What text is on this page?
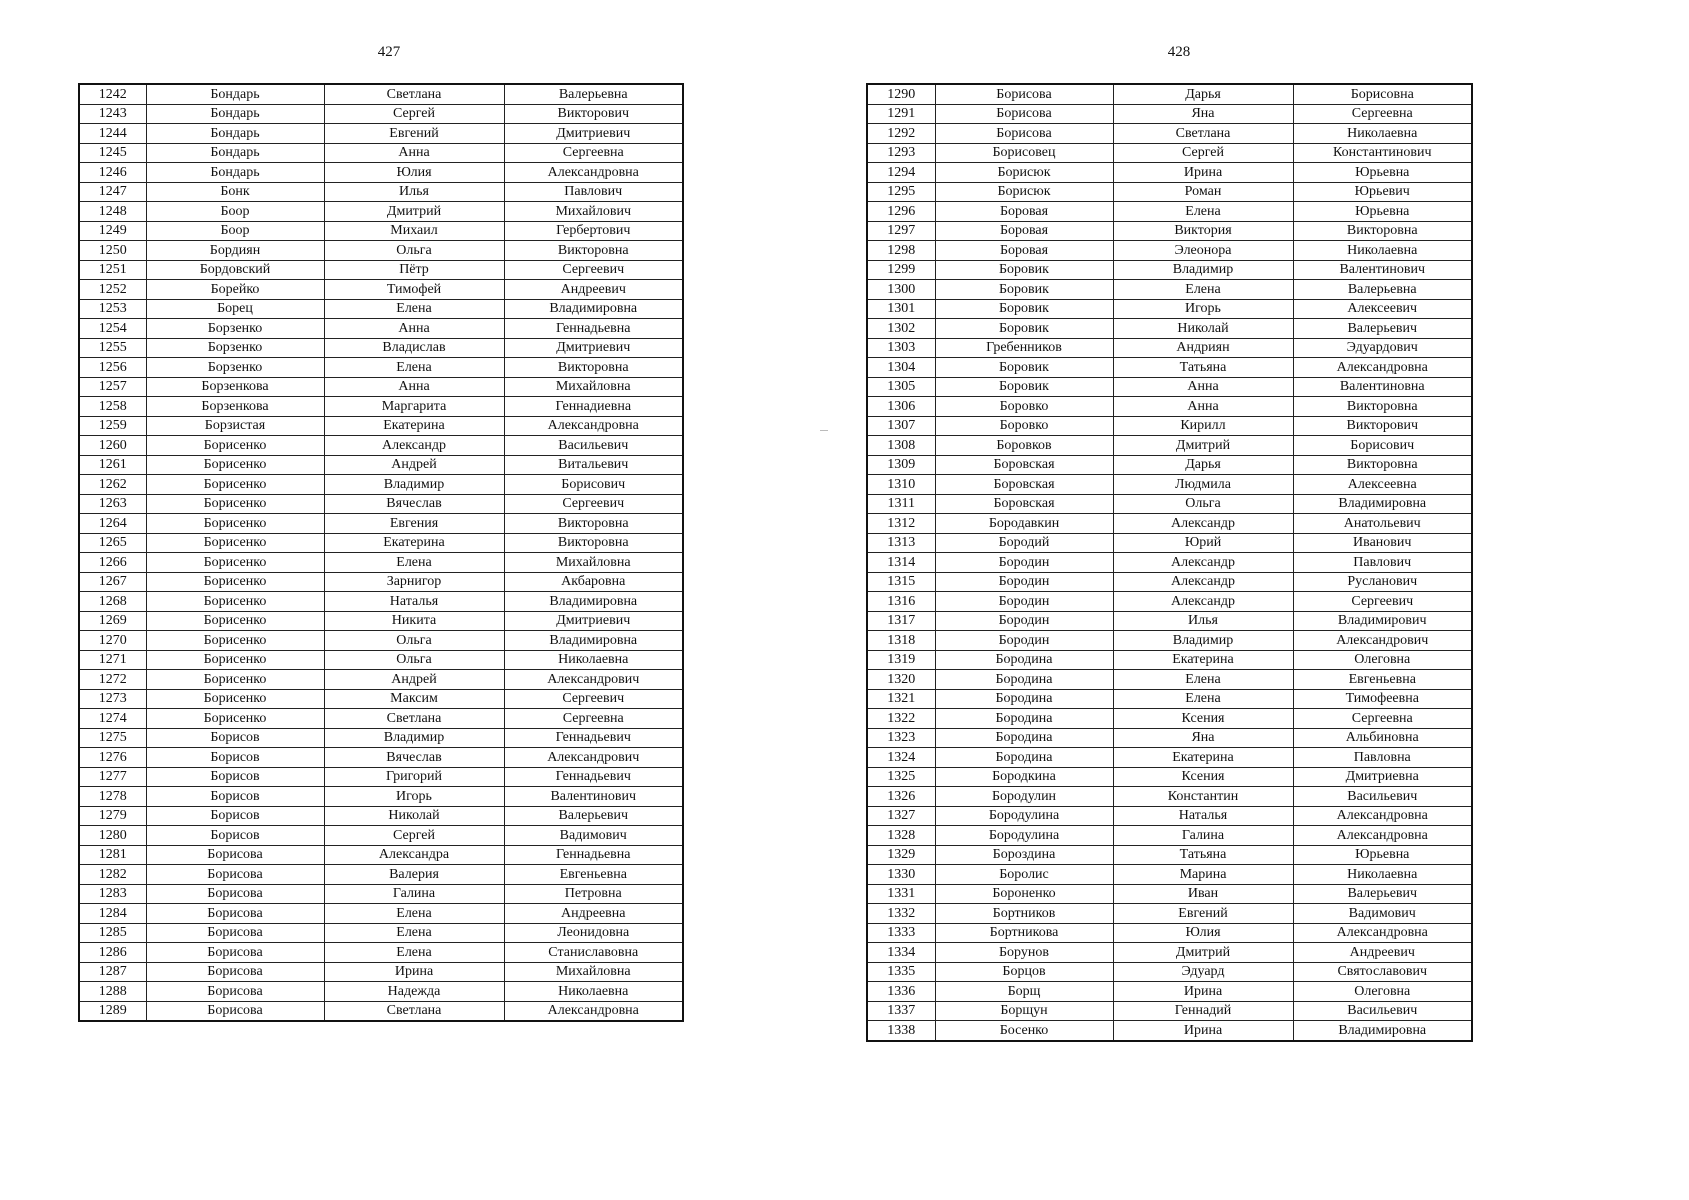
427	428
1242	Бондарь	Светлана	Валерьевна
1243	Бондарь	Сергей	Викторович
1244	Бондарь	Евгений	Дмитриевич
1245	Бондарь	Анна	Сергеевна
1246	Бондарь	Юлия	Александровна
1247	Бонк	Илья	Павлович
1248	Боор	Дмитрий	Михайлович
1249	Боор	Михаил	Гербертович
1250	Бордиян	Ольга	Викторовна
1251	Бордовский	Пётр	Сергеевич
1252	Борейко	Тимофей	Андреевич
1253	Борец	Елена	Владимировна
1254	Борзенко	Анна	Геннадьевна
1255	Борзенко	Владислав	Дмитриевич
1256	Борзенко	Елена	Викторовна
1257	Борзенкова	Анна	Михайловна
1258	Борзенкова	Маргарита	Геннадиевна
1259	Борзистая	Екатерина	Александровна
1260	Борисенко	Александр	Васильевич
1261	Борисенко	Андрей	Витальевич
1262	Борисенко	Владимир	Борисович
1263	Борисенко	Вячеслав	Сергеевич
1264	Борисенко	Евгения	Викторовна
1265	Борисенко	Екатерина	Викторовна
1266	Борисенко	Елена	Михайловна
1267	Борисенко	Зарнигор	Акбаровна
1268	Борисенко	Наталья	Владимировна
1269	Борисенко	Никита	Дмитриевич
1270	Борисенко	Ольга	Владимировна
1271	Борисенко	Ольга	Николаевна
1272	Борисенко	Андрей	Александрович
1273	Борисенко	Максим	Сергеевич
1274	Борисенко	Светлана	Сергеевна
1275	Борисов	Владимир	Геннадьевич
1276	Борисов	Вячеслав	Александрович
1277	Борисов	Григорий	Геннадьевич
1278	Борисов	Игорь	Валентинович
1279	Борисов	Николай	Валерьевич
1280	Борисов	Сергей	Вадимович
1281	Борисова	Александра	Геннадьевна
1282	Борисова	Валерия	Евгеньевна
1283	Борисова	Галина	Петровна
1284	Борисова	Елена	Андреевна
1285	Борисова	Елена	Леонидовна
1286	Борисова	Елена	Станиславовна
1287	Борисова	Ирина	Михайловна
1288	Борисова	Надежда	Николаевна
1289	Борисова	Светлана	Александровна
1290	Борисова	Дарья	Борисовна
1291	Борисова	Яна	Сергеевна
1292	Борисова	Светлана	Николаевна
1293	Борисовец	Сергей	Константинович
1294	Борисюк	Ирина	Юрьевна
1295	Борисюк	Роман	Юрьевич
1296	Боровая	Елена	Юрьевна
1297	Боровая	Виктория	Викторовна
1298	Боровая	Элеонора	Николаевна
1299	Боровик	Владимир	Валентинович
1300	Боровик	Елена	Валерьевна
1301	Боровик	Игорь	Алексеевич
1302	Боровик	Николай	Валерьевич
1303	Гребенников	Андриян	Эдуардович
1304	Боровик	Татьяна	Александровна
1305	Боровик	Анна	Валентиновна
1306	Боровко	Анна	Викторовна
1307	Боровко	Кирилл	Викторович
1308	Боровков	Дмитрий	Борисович
1309	Боровская	Дарья	Викторовна
1310	Боровская	Людмила	Алексеевна
1311	Боровская	Ольга	Владимировна
1312	Бородавкин	Александр	Анатольевич
1313	Бородий	Юрий	Иванович
1314	Бородин	Александр	Павлович
1315	Бородин	Александр	Русланович
1316	Бородин	Александр	Сергеевич
1317	Бородин	Илья	Владимирович
1318	Бородин	Владимир	Александрович
1319	Бородина	Екатерина	Олеговна
1320	Бородина	Елена	Евгеньевна
1321	Бородина	Елена	Тимофеевна
1322	Бородина	Ксения	Сергеевна
1323	Бородина	Яна	Альбиновна
1324	Бородина	Екатерина	Павловна
1325	Бородкина	Ксения	Дмитриевна
1326	Бородулин	Константин	Васильевич
1327	Бородулина	Наталья	Александровна
1328	Бородулина	Галина	Александровна
1329	Бороздина	Татьяна	Юрьевна
1330	Боролис	Марина	Николаевна
1331	Бороненко	Иван	Валерьевич
1332	Бортников	Евгений	Вадимович
1333	Бортникова	Юлия	Александровна
1334	Борунов	Дмитрий	Андреевич
1335	Борцов	Эдуард	Святославович
1336	Борщ	Ирина	Олеговна
1337	Борщун	Геннадий	Васильевич
1338	Босенко	Ирина	Владимировна
